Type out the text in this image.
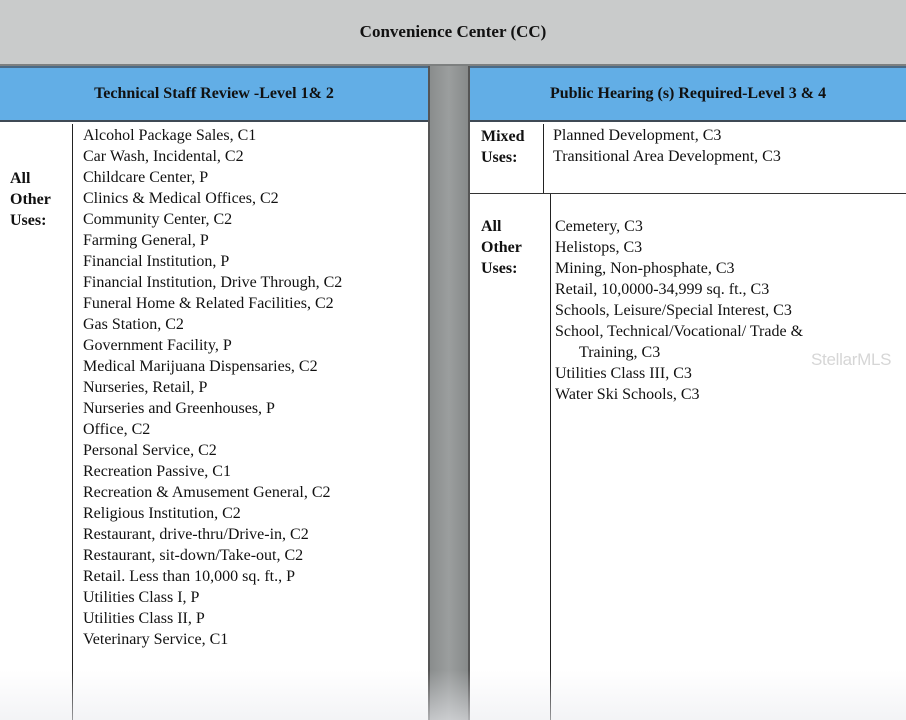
Convenience Center (CC)
Technical Staff Review -Level 1& 2	Public Hearing (s) Required-Level 3 & 4
All
Other
Uses:
Alcohol Package Sales, C1
Car Wash, Incidental, C2
Childcare Center, P
Clinics & Medical Offices, C2
Community Center, C2
Farming General, P
Financial Institution, P
Financial Institution, Drive Through, C2
Funeral Home & Related Facilities, C2
Gas Station, C2
Government Facility, P
Medical Marijuana Dispensaries, C2
Nurseries, Retail, P
Nurseries and Greenhouses, P
Office, C2
Personal Service, C2
Recreation Passive, C1
Recreation & Amusement General, C2
Religious Institution, C2
Restaurant, drive-thru/Drive-in, C2
Restaurant, sit-down/Take-out, C2
Retail. Less than 10,000 sq. ft., P
Utilities Class I, P
Utilities Class II, P
Veterinary Service, C1
Mixed
Uses:
Planned Development, C3
Transitional Area Development, C3
All
Other
Uses:
Cemetery, C3
Helistops, C3
Mining, Non-phosphate, C3
Retail, 10,0000-34,999 sq. ft., C3
Schools, Leisure/Special Interest, C3
School, Technical/Vocational/ Trade &
Training, C3
Utilities Class III, C3
Water Ski Schools, C3
StellarMLS
